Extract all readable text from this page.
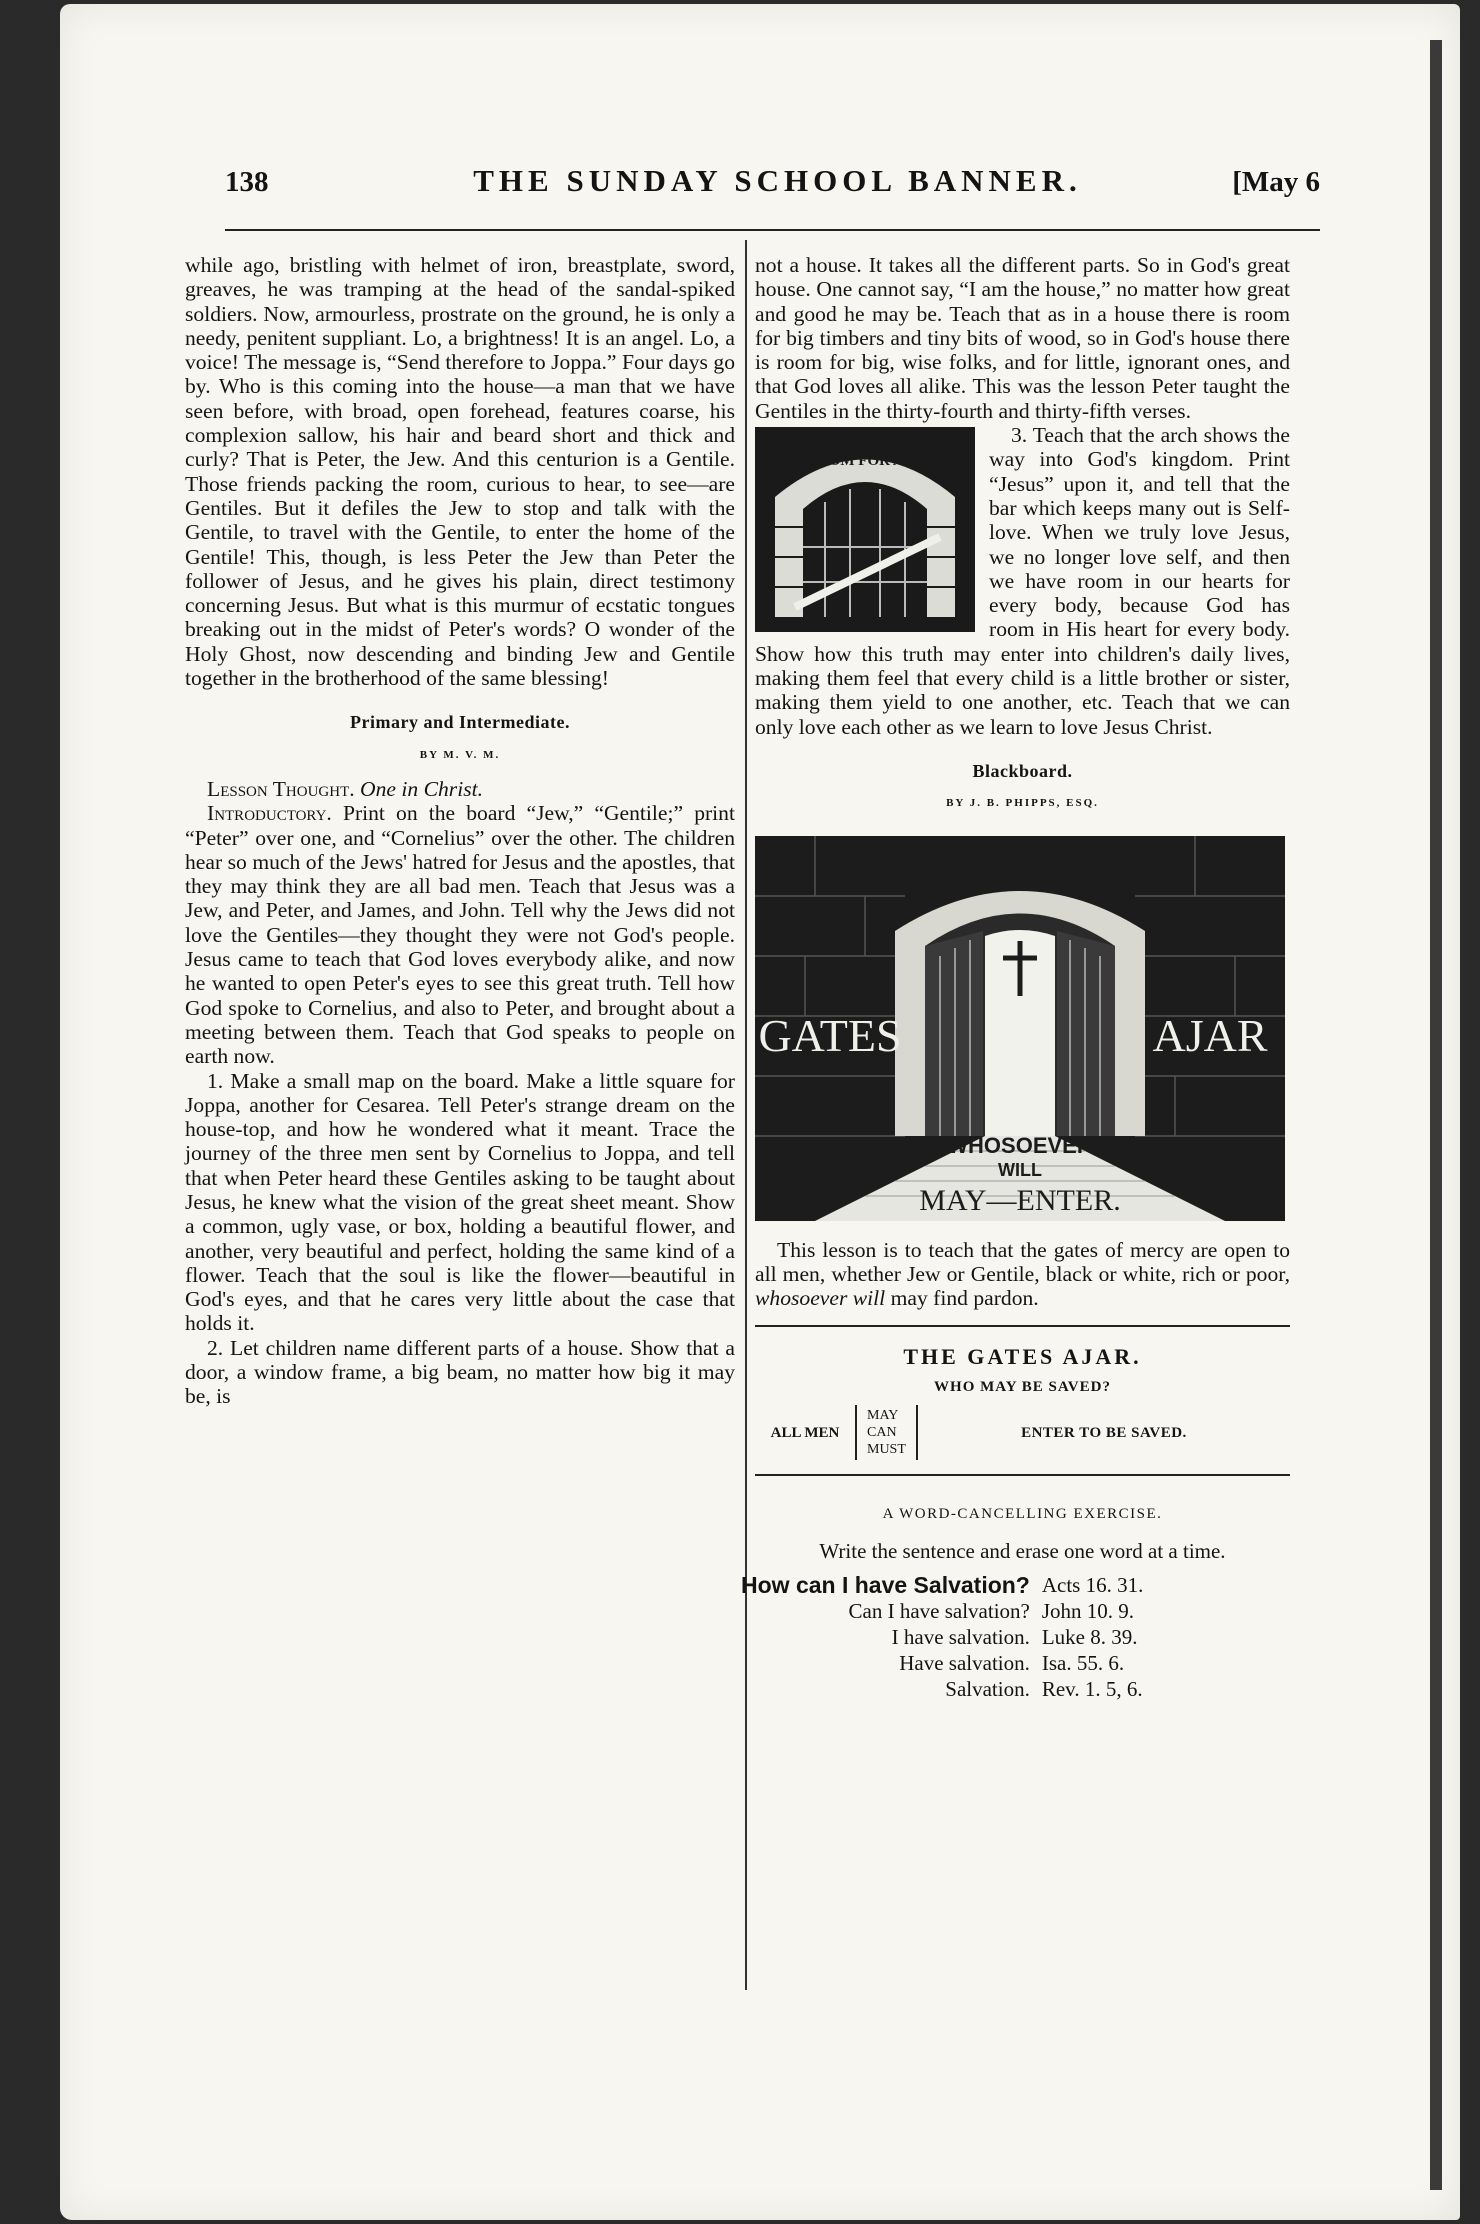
138	THE SUNDAY SCHOOL BANNER.	[May 6

while ago, bristling with helmet of iron, breastplate, sword, greaves, he was tramping at the head of the sandal-spiked soldiers. Now, armourless, prostrate on the ground, he is only a needy, penitent suppliant. Lo, a brightness! It is an angel. Lo, a voice! The message is, “Send therefore to Joppa.” Four days go by. Who is this coming into the house—a man that we have seen before, with broad, open forehead, features coarse, his complexion sallow, his hair and beard short and thick and curly? That is Peter, the Jew. And this centurion is a Gentile. Those friends packing the room, curious to hear, to see—are Gentiles. But it defiles the Jew to stop and talk with the Gentile, to travel with the Gentile, to enter the home of the Gentile! This, though, is less Peter the Jew than Peter the follower of Jesus, and he gives his plain, direct testimony concerning Jesus. But what is this murmur of ecstatic tongues breaking out in the midst of Peter's words? O wonder of the Holy Ghost, now descending and binding Jew and Gentile together in the brotherhood of the same blessing!

Primary and Intermediate.
BY M. V. M.

Lesson Thought. One in Christ.

Introductory. Print on the board “Jew,” “Gentile;” print “Peter” over one, and “Cornelius” over the other. The children hear so much of the Jews' hatred for Jesus and the apostles, that they may think they are all bad men. Teach that Jesus was a Jew, and Peter, and James, and John. Tell why the Jews did not love the Gentiles—they thought they were not God's people. Jesus came to teach that God loves everybody alike, and now he wanted to open Peter's eyes to see this great truth. Tell how God spoke to Cornelius, and also to Peter, and brought about a meeting between them. Teach that God speaks to people on earth now.

1. Make a small map on the board. Make a little square for Joppa, another for Cesarea. Tell Peter's strange dream on the house-top, and how he wondered what it meant. Trace the journey of the three men sent by Cornelius to Joppa, and tell that when Peter heard these Gentiles asking to be taught about Jesus, he knew what the vision of the great sheet meant. Show a common, ugly vase, or box, holding a beautiful flower, and another, very beautiful and perfect, holding the same kind of a flower. Teach that the soul is like the flower—beautiful in God's eyes, and that he cares very little about the case that holds it.

2. Let children name different parts of a house. Show that a door, a window frame, a big beam, no matter how big it may be, is

not a house. It takes all the different parts. So in God's great house. One cannot say, “I am the house,” no matter how great and good he may be. Teach that as in a house there is room for big timbers and tiny bits of wood, so in God's house there is room for big, wise folks, and for little, ignorant ones, and that God loves all alike. This was the lesson Peter taught the Gentiles in the thirty-fourth and thirty-fifth verses.

ROOM FOR ALL

3. Teach that the arch shows the way into God's kingdom. Print “Jesus” upon it, and tell that the bar which keeps many out is Self-love. When we truly love Jesus, we no longer love self, and then we have room in our hearts for every body, because God has room in His heart for every body. Show how this truth may enter into children's daily lives, making them feel that every child is a little brother or sister, making them yield to one another, etc. Teach that we can only love each other as we learn to love Jesus Christ.

Blackboard.
BY J. B. PHIPPS, ESQ.
MERCY
GATES	AJAR
WHOSOEVER
WILL
MAY—ENTER.

This lesson is to teach that the gates of mercy are open to all men, whether Jew or Gentile, black or white, rich or poor, whosoever will may find pardon.

THE GATES AJAR.
WHO MAY BE SAVED?
ALL MEN
MAY
CAN
MUST
ENTER TO BE SAVED.
A WORD-CANCELLING EXERCISE.
Write the sentence and erase one word at a time.
How can I have Salvation?	Acts 16. 31.
Can I have salvation?	John 10. 9.
I have salvation.	Luke 8. 39.
Have salvation.	Isa. 55. 6.
Salvation.	Rev. 1. 5, 6.
